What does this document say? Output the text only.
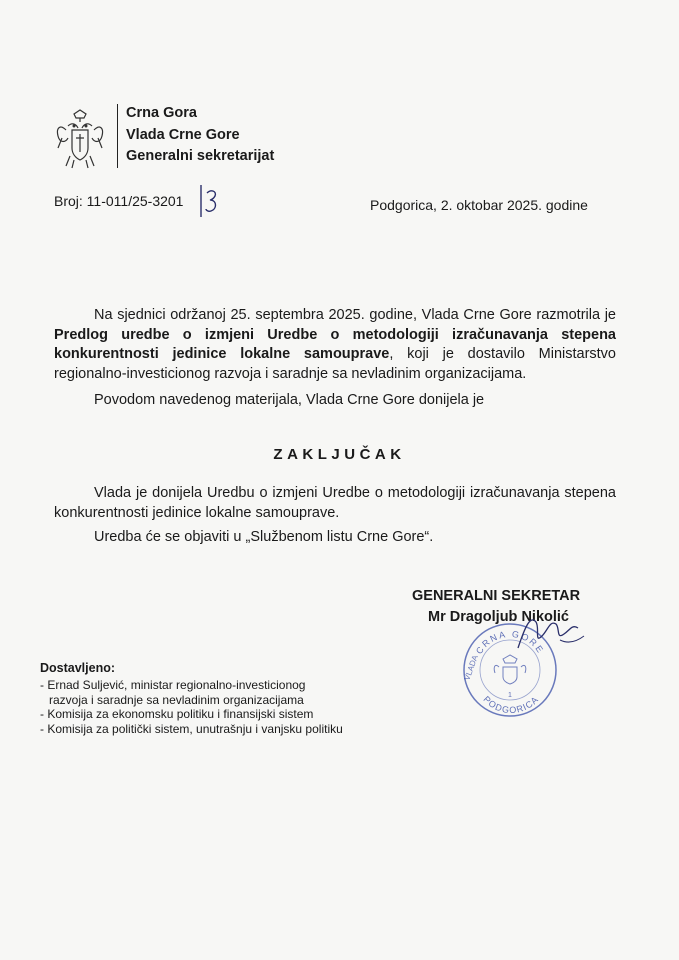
Crna Gora
Vlada Crne Gore
Generalni sekretarijat
Broj: 11-011/25-3201	Podgorica, 2. oktobar 2025. godine

Na sjednici održanoj 25. septembra 2025. godine, Vlada Crne Gore razmotrila je Predlog uredbe o izmjeni Uredbe o metodologiji izračunavanja stepena konkurentnosti jedinice lokalne samouprave, koji je dostavilo Ministarstvo regionalno-investicionog razvoja i saradnje sa nevladinim organizacijama.

Povodom navedenog materijala, Vlada Crne Gore donijela je

ZAKLJUČAK

Vlada je donijela Uredbu o izmjeni Uredbe o metodologiji izračunavanja stepena konkurentnosti jedinice lokalne samouprave.

Uredba će se objaviti u „Službenom listu Crne Gore“.

CRNA GORE
PODGORICA
VLADA
1
GENERALNI SEKRETAR
Mr Dragoljub Nikolić
Dostavljeno:
- Ernad Suljević, ministar regionalno-investicionog
razvoja i saradnje sa nevladinim organizacijama
- Komisija za ekonomsku politiku i finansijski sistem
- Komisija za politički sistem, unutrašnju i vanjsku politiku
